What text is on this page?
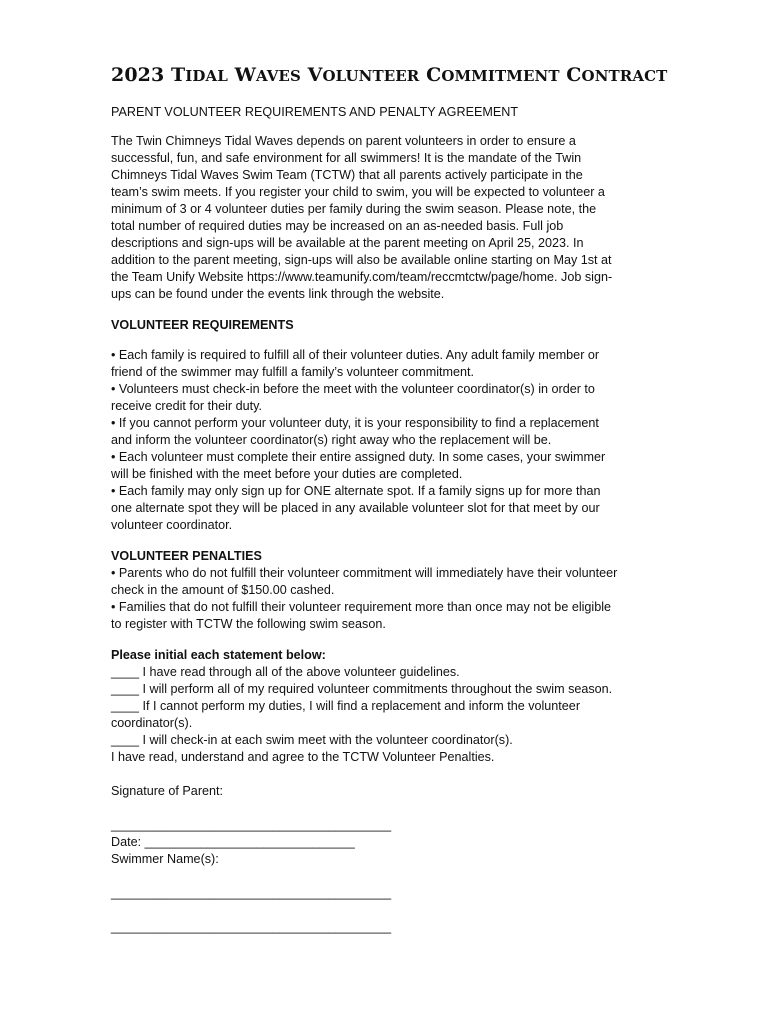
2023 TIDAL WAVES VOLUNTEER COMMITMENT CONTRACT

PARENT VOLUNTEER REQUIREMENTS AND PENALTY AGREEMENT

The Twin Chimneys Tidal Waves depends on parent volunteers in order to ensure a

successful, fun, and safe environment for all swimmers! It is the mandate of the Twin

Chimneys Tidal Waves Swim Team (TCTW) that all parents actively participate in the

team’s swim meets. If you register your child to swim, you will be expected to volunteer a

minimum of 3 or 4 volunteer duties per family during the swim season. Please note, the

total number of required duties may be increased on an as-needed basis. Full job

descriptions and sign-ups will be available at the parent meeting on April 25, 2023. In

addition to the parent meeting, sign-ups will also be available online starting on May 1st at

the Team Unify Website https://www.teamunify.com/team/reccmtctw/page/home. Job sign-

ups can be found under the events link through the website.

VOLUNTEER REQUIREMENTS

• Each family is required to fulfill all of their volunteer duties. Any adult family member or

friend of the swimmer may fulfill a family’s volunteer commitment.

• Volunteers must check-in before the meet with the volunteer coordinator(s) in order to

receive credit for their duty.

• If you cannot perform your volunteer duty, it is your responsibility to find a replacement

and inform the volunteer coordinator(s) right away who the replacement will be.

• Each volunteer must complete their entire assigned duty. In some cases, your swimmer

will be finished with the meet before your duties are completed.

• Each family may only sign up for ONE alternate spot. If a family signs up for more than

one alternate spot they will be placed in any available volunteer slot for that meet by our

volunteer coordinator.

VOLUNTEER PENALTIES

• Parents who do not fulfill their volunteer commitment will immediately have their volunteer

check in the amount of $150.00 cashed.

• Families that do not fulfill their volunteer requirement more than once may not be eligible

to register with TCTW the following swim season.

Please initial each statement below:

____ I have read through all of the above volunteer guidelines.

____ I will perform all of my required volunteer commitments throughout the swim season.

____ If I cannot perform my duties, I will find a replacement and inform the volunteer

coordinator(s).

____ I will check-in at each swim meet with the volunteer coordinator(s).

I have read, understand and agree to the TCTW Volunteer Penalties.

Signature of Parent:

________________________________________

Date: ______________________________

Swimmer Name(s):

________________________________________

________________________________________
